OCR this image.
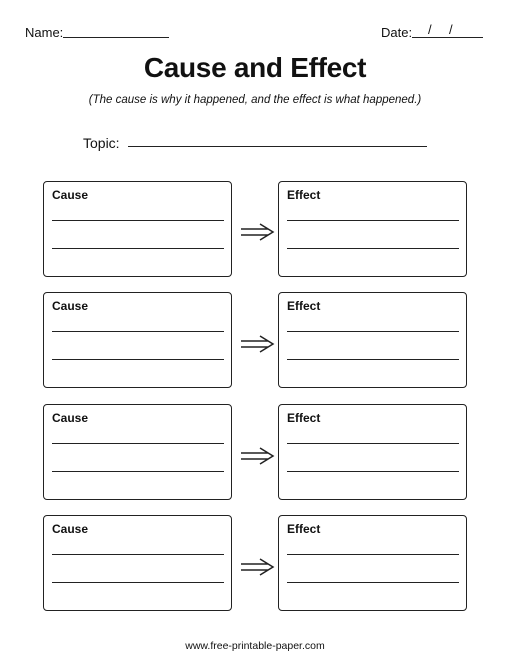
Name:	Date: / /
Cause and Effect
(The cause is why it happened, and the effect is what happened.)
Topic:
Cause	Effect
Cause	Effect
Cause	Effect
Cause	Effect
www.free-printable-paper.com
